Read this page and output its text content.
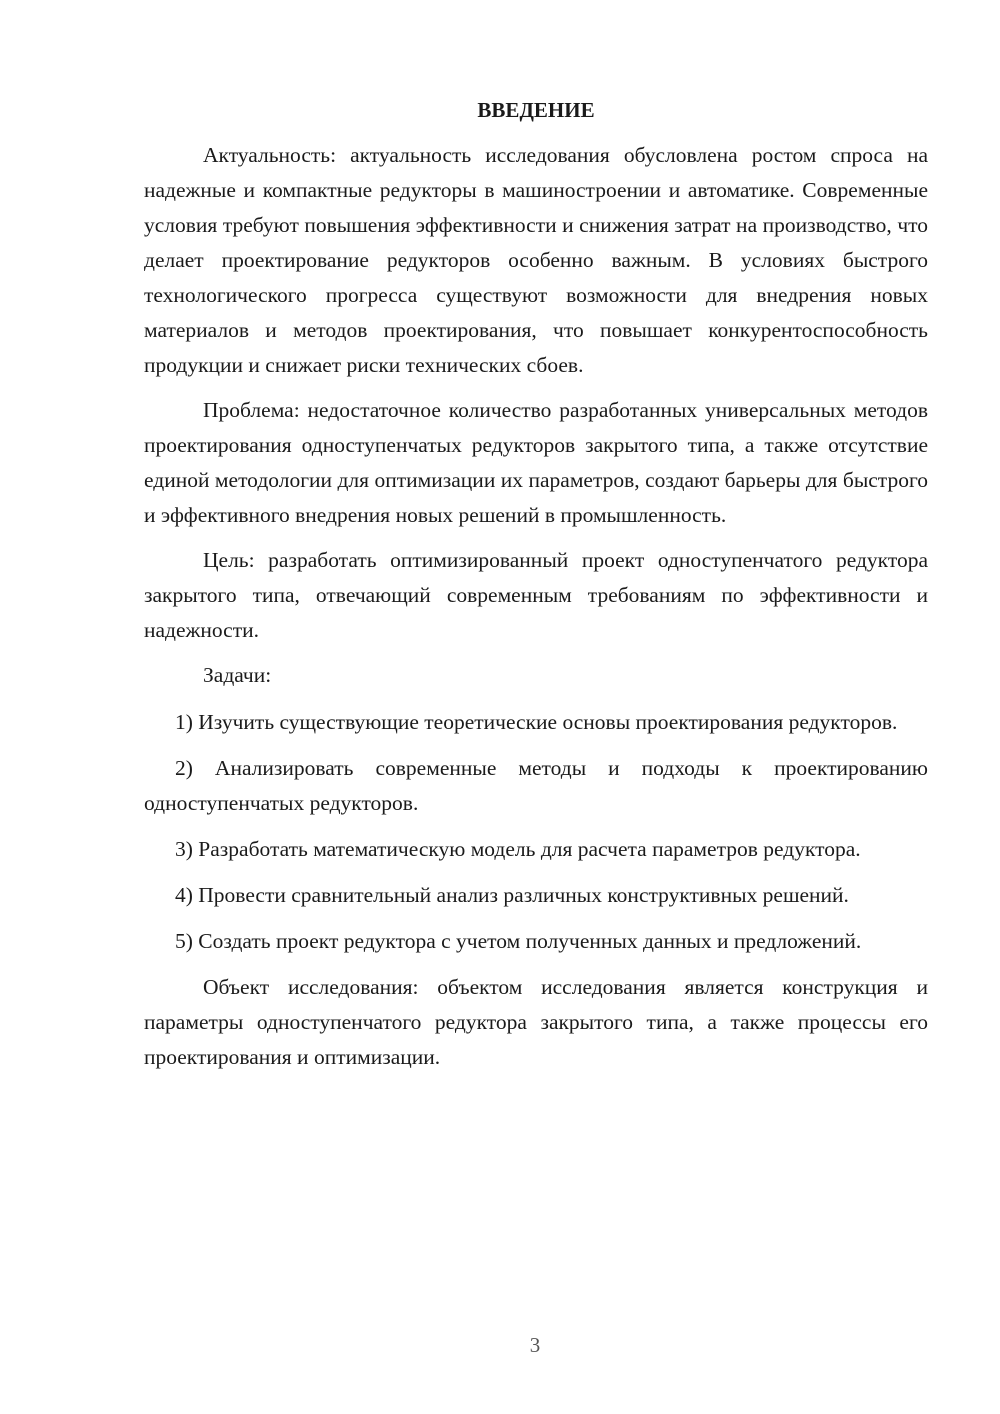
ВВЕДЕНИЕ

Актуальность: актуальность исследования обусловлена ростом спроса на надежные и компактные редукторы в машиностроении и автоматике. Современные условия требуют повышения эффективности и снижения затрат на производство, что делает проектирование редукторов особенно важным. В условиях быстрого технологического прогресса существуют возможности для внедрения новых материалов и методов проектирования, что повышает конкурентоспособность продукции и снижает риски технических сбоев.

Проблема: недостаточное количество разработанных универсальных методов проектирования одноступенчатых редукторов закрытого типа, а также отсутствие единой методологии для оптимизации их параметров, создают барьеры для быстрого и эффективного внедрения новых решений в промышленность.

Цель: разработать оптимизированный проект одноступенчатого редуктора закрытого типа, отвечающий современным требованиям по эффективности и надежности.

Задачи:

1) Изучить существующие теоретические основы проектирования редукторов.

2) Анализировать современные методы и подходы к проектированию одноступенчатых редукторов.

3) Разработать математическую модель для расчета параметров редуктора.

4) Провести сравнительный анализ различных конструктивных решений.

5) Создать проект редуктора с учетом полученных данных и предложений.

Объект исследования: объектом исследования является конструкция и параметры одноступенчатого редуктора закрытого типа, а также процессы его проектирования и оптимизации.

3
